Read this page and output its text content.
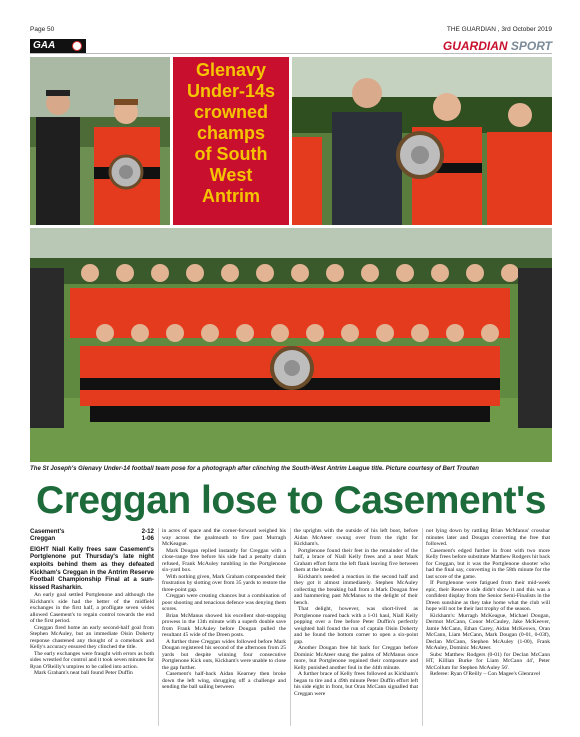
Page 50	THE GUARDIAN , 3rd October 2019
GAA	GUARDIAN SPORT
Glenavy
Under-14s
crowned
champs
of South
West
Antrim
The St Joseph's Glenavy Under-14 football team pose for a photograph after clinching the South-West Antrim League title. Picture courtesy of Bert Trouten
Creggan lose to Casement's
Casement's	2-12
Creggan	1-06
EIGHT Niall Kelly frees saw Casement's Portglenone put Thursday's late night exploits behind them as they defeated Kickham's Creggan in the Antrim Reserve Football Championship Final at a sun-kissed Rasharkin.

An early goal settled Portglenone and although the Kickham's side had the better of the midfield exchanges in the first half, a profligate seven wides allowed Casement's to regain control towards the end of the first period.

Creggan fired home an early second-half goal from Stephen McAuley, but an immediate Oisin Doherty response chastened any thought of a comeback and Kelly's accuracy ensured they clinched the title.

The early exchanges were fraught with errors as both sides wrestled for control and it took seven minutes for Ryan O'Reilly's umpires to be called into action.

Mark Graham's neat ball found Peter Duffin

in acres of space and the corner-forward weighed his way across the goalmouth to fire past Murragh McKeague.

Mark Dougan replied instantly for Creggan with a close-range free before his side had a penalty claim refused, Frank McAuley tumbling in the Portglenone six-yard box.

With nothing given, Mark Graham compounded their frustration by slotting over from 35 yards to restore the three-point gap.

Creggan were creating chances but a combination of poor shooting and tenacious defence was denying them scores.

Brian McManus showed his excellent shot-stopping prowess in the 13th minute with a superb double save from Frank McAuley before Dougan pulled the resultant 45 wide of the Dreen posts.

A further three Creggan wides followed before Mark Dougan registered his second of the afternoon from 25 yards but despite winning four consecutive Portglenone Kick outs, Kickham's were unable to close the gap further.

Casement's half-back Aidan Kearney then broke down the left wing, shrugging off a challenge and sending the ball sailing between

the uprights with the outside of his left boot, before Aidan McAteer swung over from the right for Kickham's.

Portglenone found their feet in the remainder of the half, a brace of Niall Kelly frees and a neat Mark Graham effort form the left flank leaving five between them at the break.

Kickham's needed a reaction in the second half and they got it almost immediately. Stephen McAuley collecting the breaking ball from a Mark Dougan free and hammering past McManus to the delight of their bench.

That delight, however, was short-lived as Portglenone roared back with a 1-01 haul, Niall Kelly popping over a free before Peter Duffin's perfectly weighted ball found the run of captain Oisin Doherty and he found the bottom corner to open a six-point gap.

Another Dougan free hit back for Creggan before Dominic McAteer stung the palms of McManus once more, but Portglenone regained their composure and Kelly punished another foul in the 44th minute.

A further brace of Kelly frees followed as Kickham's began to tire and a 49th minute Peter Duffin effort left his side eight in front, but Oran McCann signalled that Creggan were

not lying down by rattling Brian McManus' crossbar minutes later and Dougan converting the free that followed.

Casement's edged further in front with two more Kelly frees before substitute Matthew Rodgers hit back for Creggan, but it was the Portglenone shooter who had the final say, converting in the 58th minute for the last score of the game.

If Portglenone were fatigued from their mid-week epic, their Reserve side didn't show it and this was a confident display from the Senior Semi-Finalists in the Dreen sunshine as they take home what the club will hope will not be their last trophy of the season.

Kickham's: Murragh McKeague, Michael Dougan, Dermot McCann, Conor McCauley, Jake McKeever, Jamie McCann, Ethan Carey, Aidan McKeown, Oran McCann, Liam McCann, Mark Dougan (0-01, 0-03f), Declan McCann, Stephen McAuley (1-00), Frank McAuley, Dominic McAteer.

Subs: Matthew Rodgers (0-01) for Declan McCann HT, Killian Burke for Liam McCann 44', Peter McCollum for Stephen McAuley 56'.

Referee: Ryan O'Reilly – Con Magee's Glenravel
